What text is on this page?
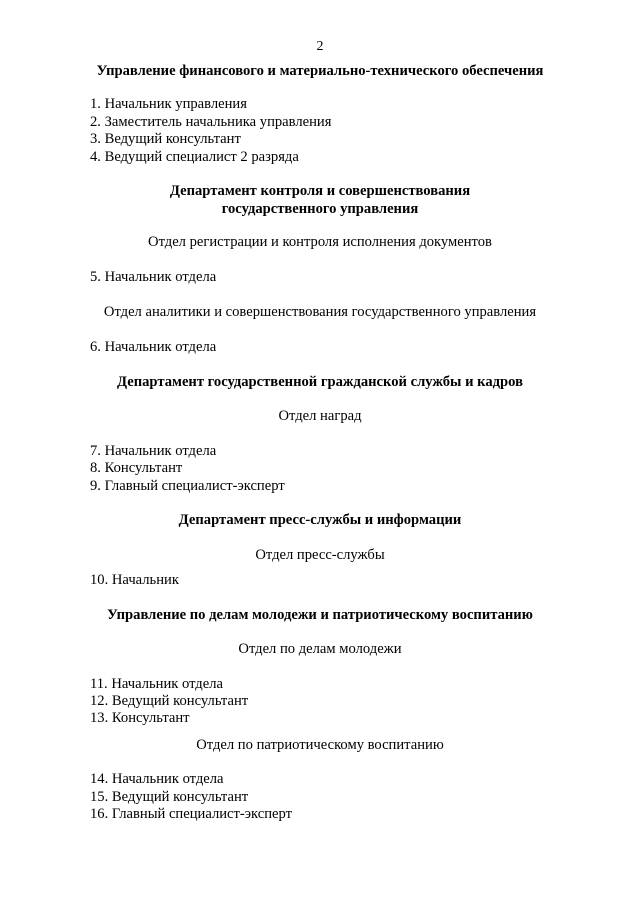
2
Управление финансового и материально-технического обеспечения
1. Начальник управления
2. Заместитель начальника управления
3. Ведущий консультант
4. Ведущий специалист 2 разряда
Департамент контроля и совершенствования
государственного управления
Отдел регистрации и контроля исполнения документов
5. Начальник отдела
Отдел аналитики и совершенствования государственного управления
6. Начальник отдела
Департамент государственной гражданской службы и кадров
Отдел наград
7. Начальник отдела
8. Консультант
9. Главный специалист-эксперт
Департамент пресс-службы и информации
Отдел пресс-службы
10. Начальник
Управление по делам молодежи и патриотическому воспитанию
Отдел по делам молодежи
11. Начальник отдела
12. Ведущий консультант
13. Консультант
Отдел по патриотическому воспитанию
14. Начальник отдела
15. Ведущий консультант
16. Главный специалист-эксперт
